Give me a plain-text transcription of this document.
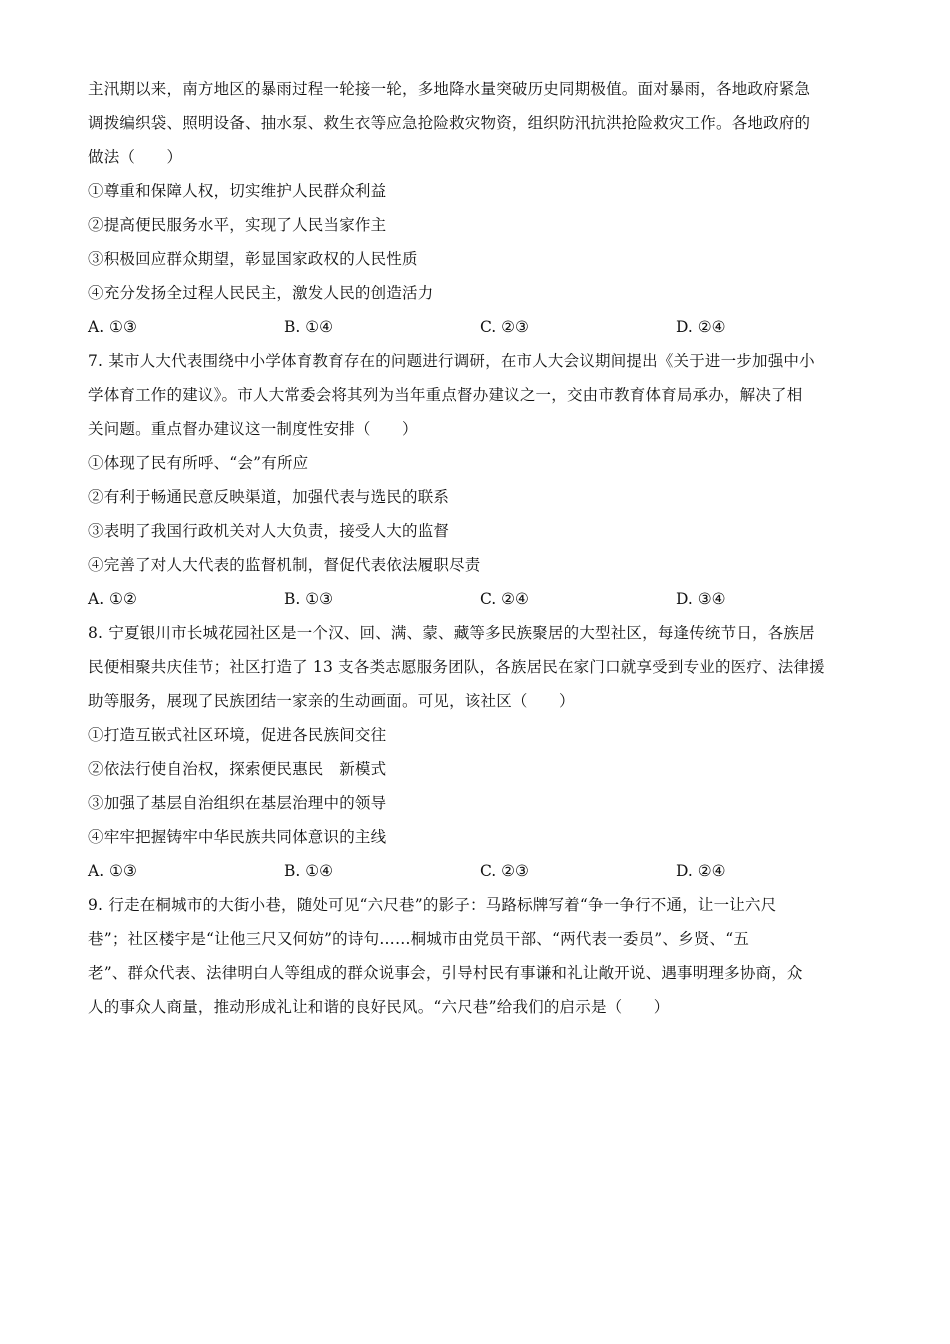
主汛期以来，南方地区的暴雨过程一轮接一轮，多地降水量突破历史同期极值。面对暴雨，各地政府紧急
调拨编织袋、照明设备、抽水泵、救生衣等应急抢险救灾物资，组织防汛抗洪抢险救灾工作。各地政府的
做法（　　）
①尊重和保障人权，切实维护人民群众利益
②提高便民服务水平，实现了人民当家作主
③积极回应群众期望，彰显国家政权的人民性质
④充分发扬全过程人民民主，激发人民的创造活力
A. ①③	B. ①④	C. ②③	D. ②④
7. 某市人大代表围绕中小学体育教育存在的问题进行调研，在市人大会议期间提出《关于进一步加强中小
学体育工作的建议》。市人大常委会将其列为当年重点督办建议之一，交由市教育体育局承办，解决了相
关问题。重点督办建议这一制度性安排（　　）
①体现了民有所呼、“会”有所应
②有利于畅通民意反映渠道，加强代表与选民的联系
③表明了我国行政机关对人大负责，接受人大的监督
④完善了对人大代表的监督机制，督促代表依法履职尽责
A. ①②	B. ①③	C. ②④	D. ③④
8. 宁夏银川市长城花园社区是一个汉、回、满、蒙、藏等多民族聚居的大型社区，每逢传统节日，各族居
民便相聚共庆佳节；社区打造了 13 支各类志愿服务团队，各族居民在家门口就享受到专业的医疗、法律援
助等服务，展现了民族团结一家亲的生动画面。可见，该社区（　　）
①打造互嵌式社区环境，促进各民族间交往
②依法行使自治权，探索便民惠民　新模式
③加强了基层自治组织在基层治理中的领导
④牢牢把握铸牢中华民族共同体意识的主线
A. ①③	B. ①④	C. ②③	D. ②④
9. 行走在桐城市的大街小巷，随处可见“六尺巷”的影子：马路标牌写着“争一争行不通，让一让六尺
巷”；社区楼宇是“让他三尺又何妨”的诗句……桐城市由党员干部、“两代表一委员”、乡贤、“五
老”、群众代表、法律明白人等组成的群众说事会，引导村民有事谦和礼让敞开说、遇事明理多协商，众
人的事众人商量，推动形成礼让和谐的良好民风。“六尺巷”给我们的启示是（　　）
